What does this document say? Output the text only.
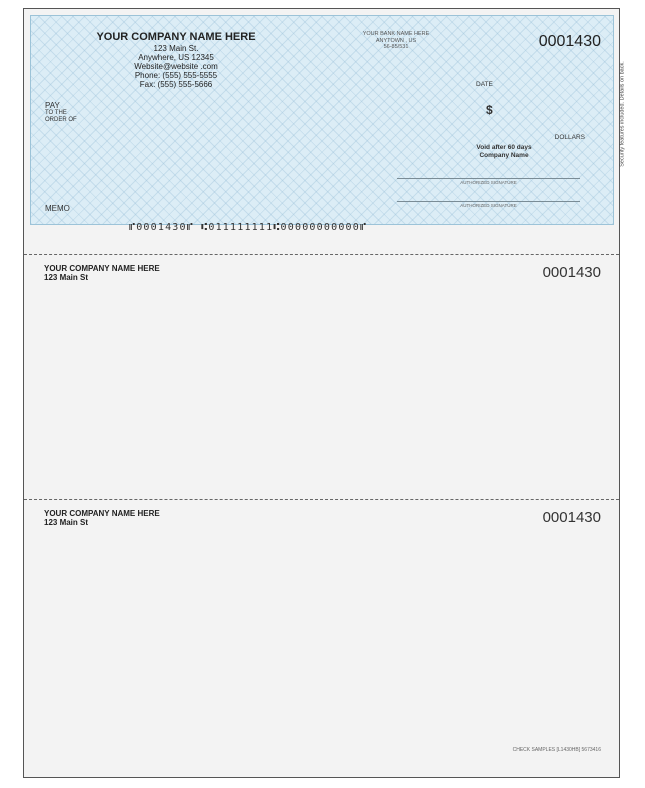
YOUR COMPANY NAME HERE
123 Main St.
Anywhere, US 12345
Website@website .com
Phone: (555) 555-5555
Fax: (555) 555-5666
YOUR BANK NAME HERE
ANYTOWN , US
56-85/531	0001430
DATE
$
DOLLARS
Void after 60 days
Company Name
PAY
TO THE
ORDER OF
MEMO
AUTHORIZED SIGNATURE
AUTHORIZED SIGNATURE
Security features included. Details on back.
⑈0001430⑈ ⑆011111111⑆00000000000⑈
YOUR COMPANY NAME HERE
123 Main St	0001430
YOUR COMPANY NAME HERE
123 Main St	0001430
CHECK SAMPLES [L1430HB] 5673416
